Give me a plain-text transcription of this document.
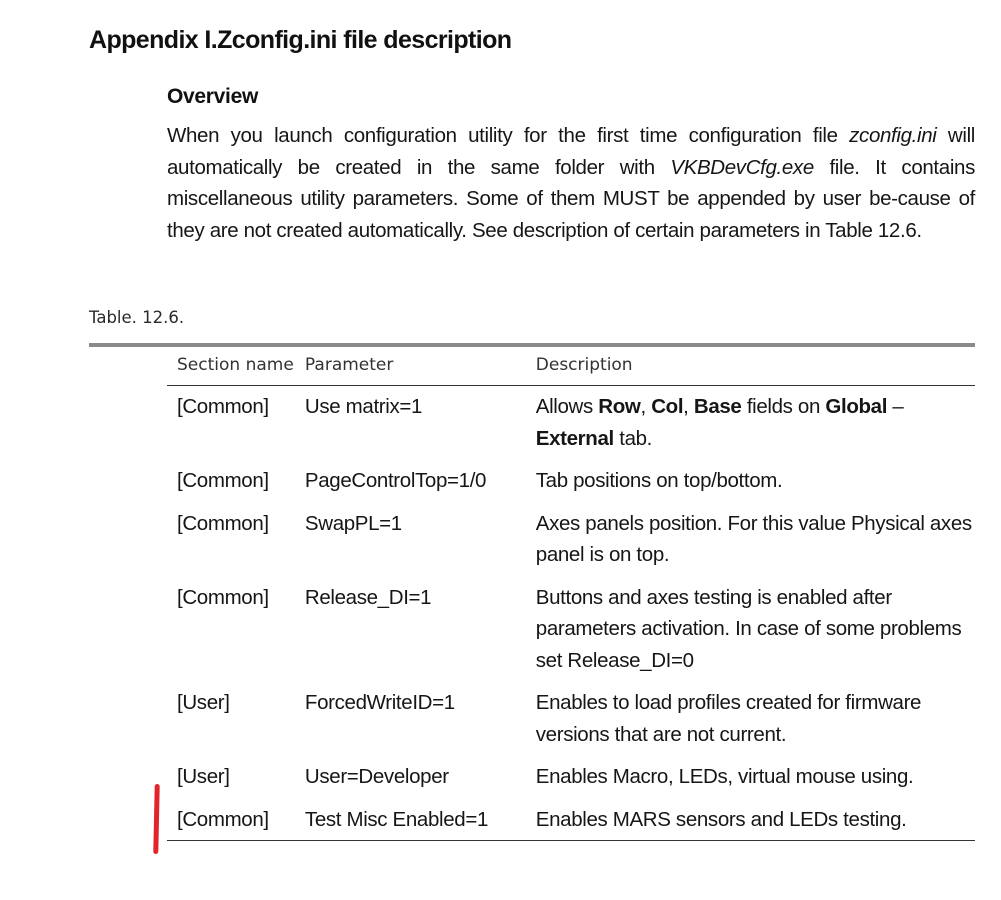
Appendix I.Zconfig.ini file description
Overview

When you launch configuration utility for the first time configuration file zconfig.ini will automatically be created in the same folder with VKBDevCfg.exe file. It contains miscellaneous utility parameters. Some of them MUST be appended by user be-cause of they are not created automatically. See description of certain parameters in Table 12.6.

Table. 12.6.
Section name	Parameter	Description
[Common]	Use matrix=1	Allows Row, Col, Base fields on Global – External tab.
[Common]	PageControlTop=1/0	Tab positions on top/bottom.
[Common]	SwapPL=1	Axes panels position. For this value Physical axes panel is on top.
[Common]	Release_DI=1	Buttons and axes testing is enabled after parameters activation. In case of some problems set Release_DI=0
[User]	ForcedWriteID=1	Enables to load profiles created for firmware versions that are not current.
[User]	User=Developer	Enables Macro, LEDs, virtual mouse using.
[Common]	Test Misc Enabled=1	Enables MARS sensors and LEDs testing.
